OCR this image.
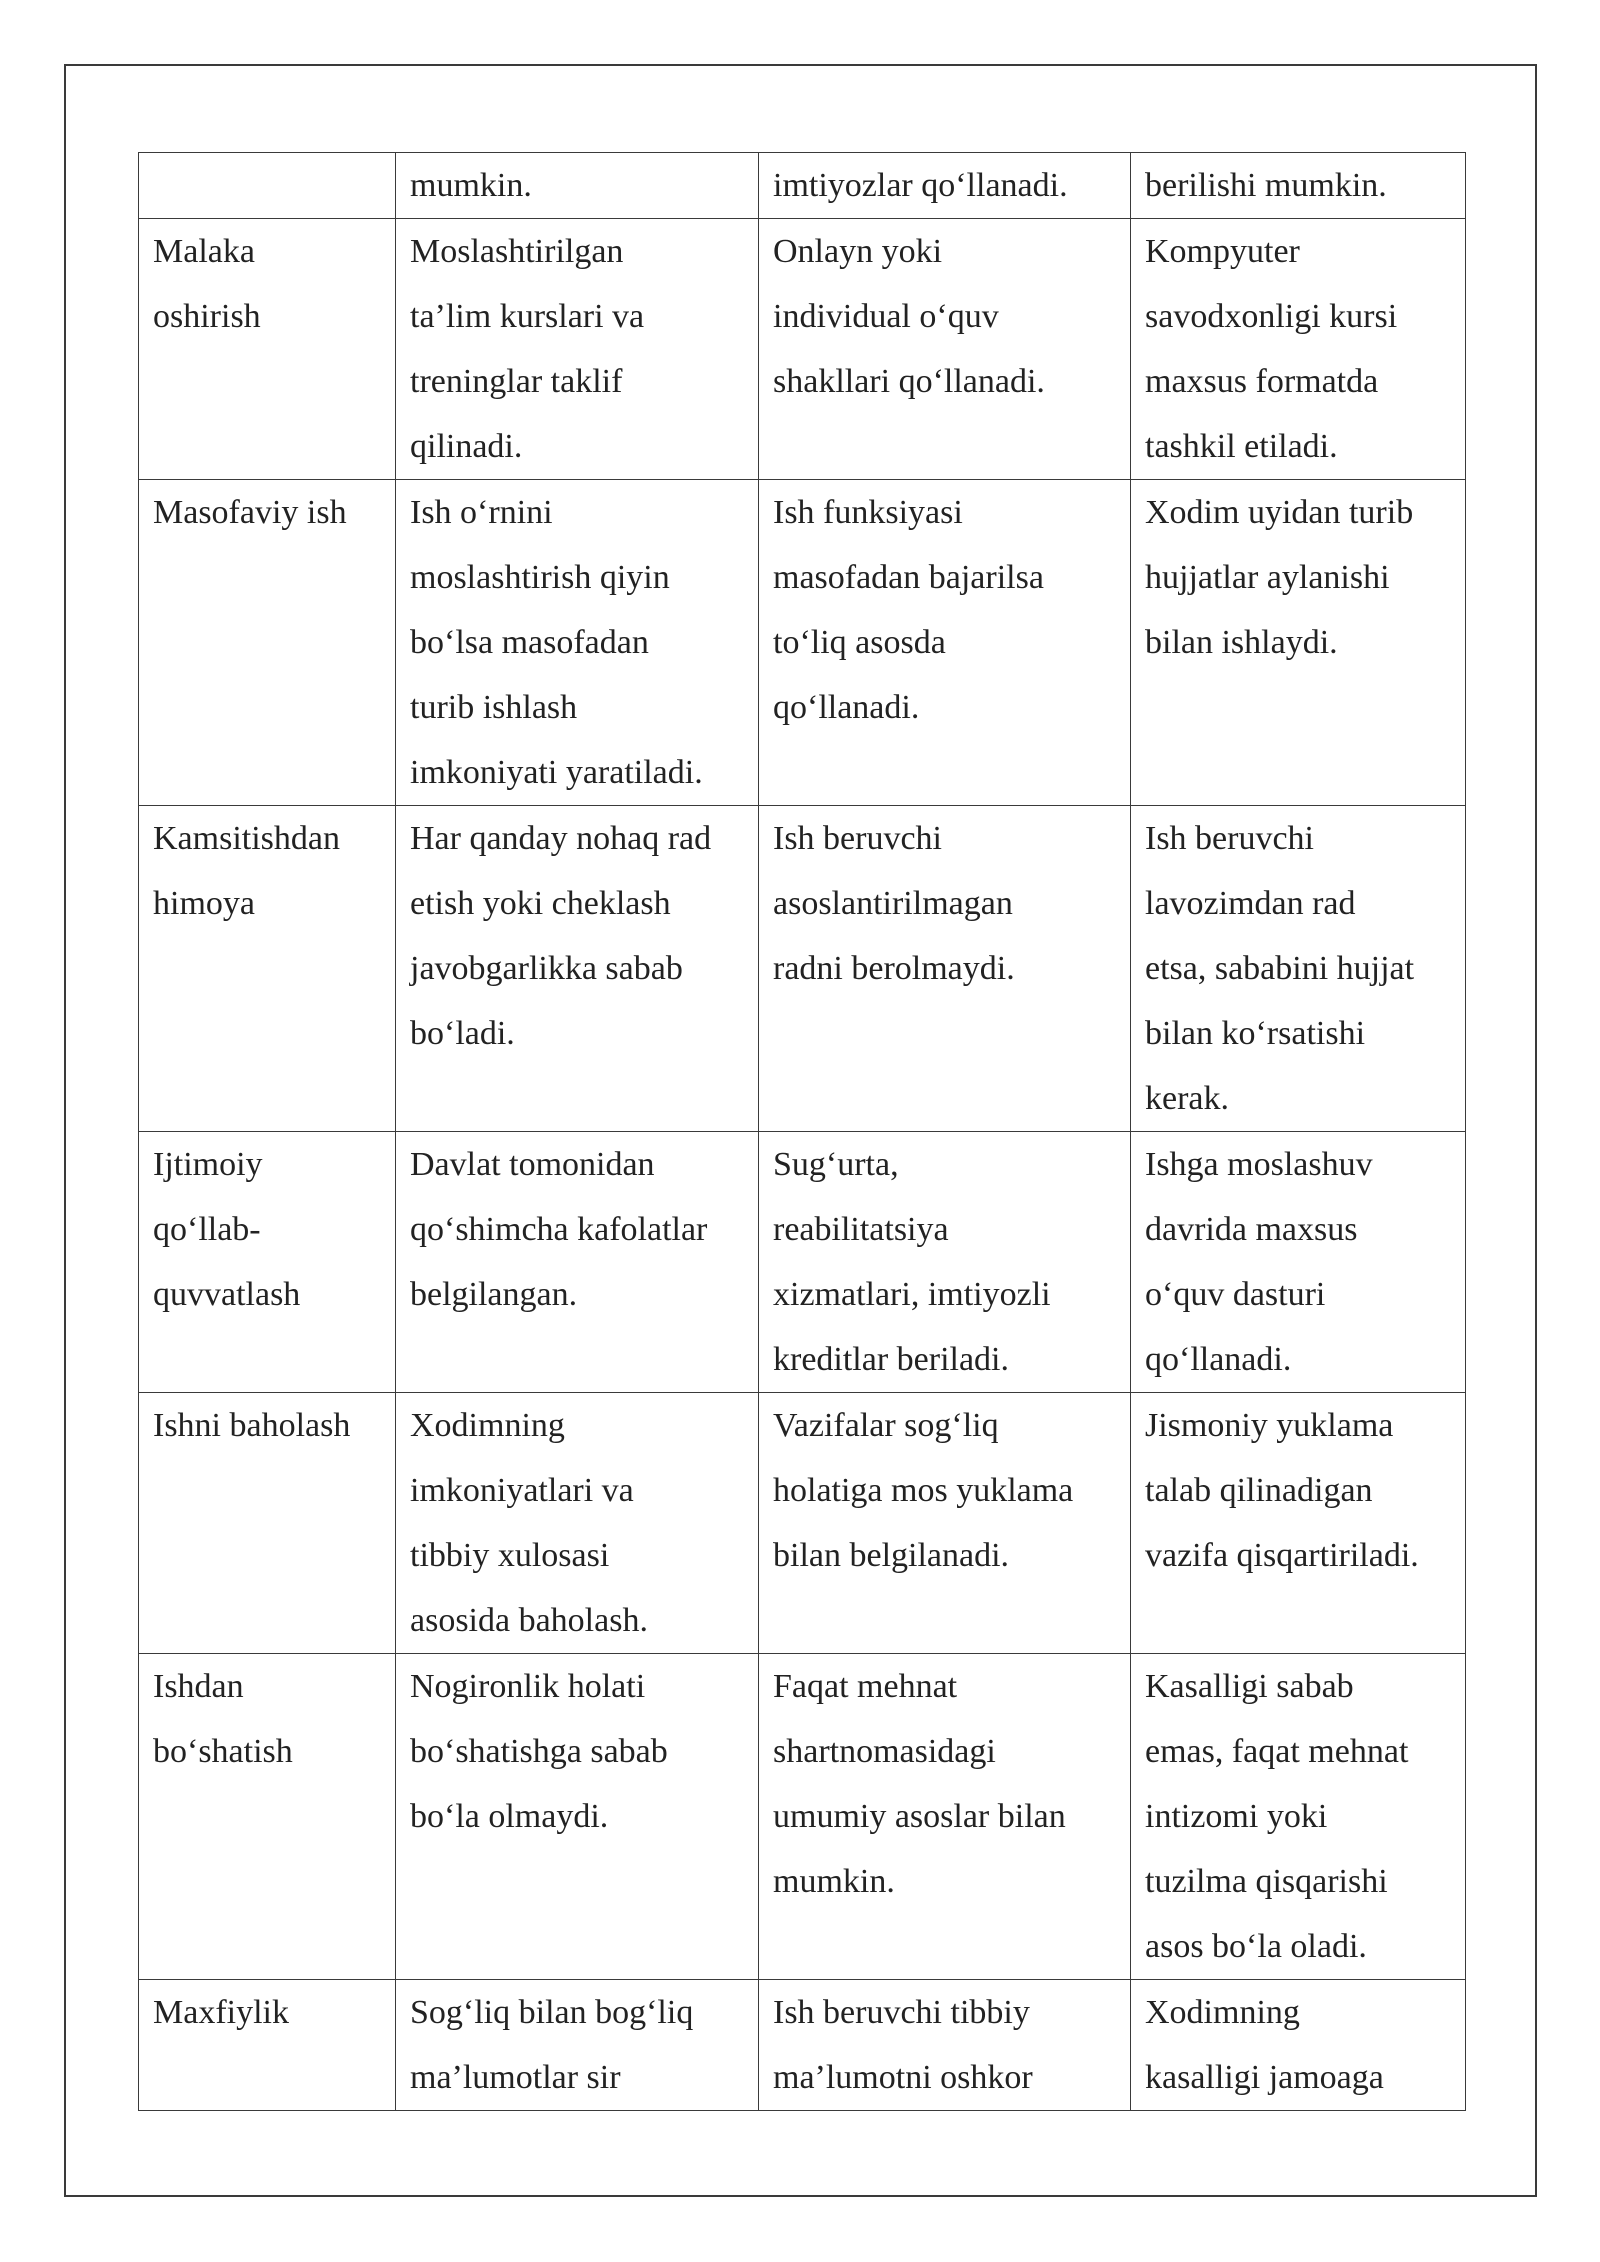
	mumkin.	imtiyozlar qo‘llanadi.	berilishi mumkin.

Malaka
oshirish	Moslashtirilgan
ta’lim kurslari va
treninglar taklif
qilinadi.	Onlayn yoki
individual o‘quv
shakllari qo‘llanadi.	Kompyuter
savodxonligi kursi
maxsus formatda
tashkil etiladi.

Masofaviy ish	Ish o‘rnini
moslashtirish qiyin
bo‘lsa masofadan
turib ishlash
imkoniyati yaratiladi.	Ish funksiyasi
masofadan bajarilsa
to‘liq asosda
qo‘llanadi.	Xodim uyidan turib
hujjatlar aylanishi
bilan ishlaydi.

Kamsitishdan
himoya	Har qanday nohaq rad
etish yoki cheklash
javobgarlikka sabab
bo‘ladi.	Ish beruvchi
asoslantirilmagan
radni berolmaydi.	Ish beruvchi
lavozimdan rad
etsa, sababini hujjat
bilan ko‘rsatishi
kerak.

Ijtimoiy
qo‘llab-
quvvatlash	Davlat tomonidan
qo‘shimcha kafolatlar
belgilangan.	Sug‘urta,
reabilitatsiya
xizmatlari, imtiyozli
kreditlar beriladi.	Ishga moslashuv
davrida maxsus
o‘quv dasturi
qo‘llanadi.

Ishni baholash	Xodimning
imkoniyatlari va
tibbiy xulosasi
asosida baholash.	Vazifalar sog‘liq
holatiga mos yuklama
bilan belgilanadi.	Jismoniy yuklama
talab qilinadigan
vazifa qisqartiriladi.

Ishdan
bo‘shatish	Nogironlik holati
bo‘shatishga sabab
bo‘la olmaydi.	Faqat mehnat
shartnomasidagi
umumiy asoslar bilan
mumkin.	Kasalligi sabab
emas, faqat mehnat
intizomi yoki
tuzilma qisqarishi
asos bo‘la oladi.

Maxfiylik	Sog‘liq bilan bog‘liq
ma’lumotlar sir	Ish beruvchi tibbiy
ma’lumotni oshkor	Xodimning
kasalligi jamoaga
